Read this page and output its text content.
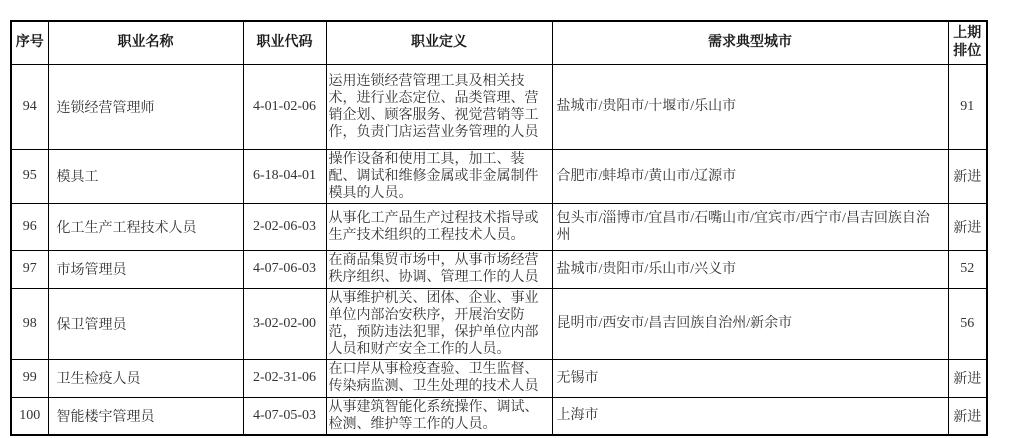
序号	职业名称	职业代码	职业定义	需求典型城市	上期排位
94	连锁经营管理师	4-01-02-06	运用连锁经营管理工具及相关技术，进行业态定位、品类管理、营销企划、顾客服务、视觉营销等工作，负责门店运营业务管理的人员	盐城市/贵阳市/十堰市/乐山市	91
95	模具工	6-18-04-01	操作设备和使用工具，加工、装配、调试和维修金属或非金属制件模具的人员。	合肥市/蚌埠市/黄山市/辽源市	新进
96	化工生产工程技术人员	2-02-06-03	从事化工产品生产过程技术指导或生产技术组织的工程技术人员。	包头市/淄博市/宜昌市/石嘴山市/宜宾市/西宁市/昌吉回族自治州	新进
97	市场管理员	4-07-06-03	在商品集贸市场中，从事市场经营秩序组织、协调、管理工作的人员	盐城市/贵阳市/乐山市/兴义市	52
98	保卫管理员	3-02-02-00	从事维护机关、团体、企业、事业单位内部治安秩序，开展治安防范，预防违法犯罪，保护单位内部人员和财产安全工作的人员。	昆明市/西安市/昌吉回族自治州/新余市	56
99	卫生检疫人员	2-02-31-06	在口岸从事检疫查验、卫生监督、传染病监测、卫生处理的技术人员	无锡市	新进
100	智能楼宇管理员	4-07-05-03	从事建筑智能化系统操作、调试、检测、维护等工作的人员。	上海市	新进
